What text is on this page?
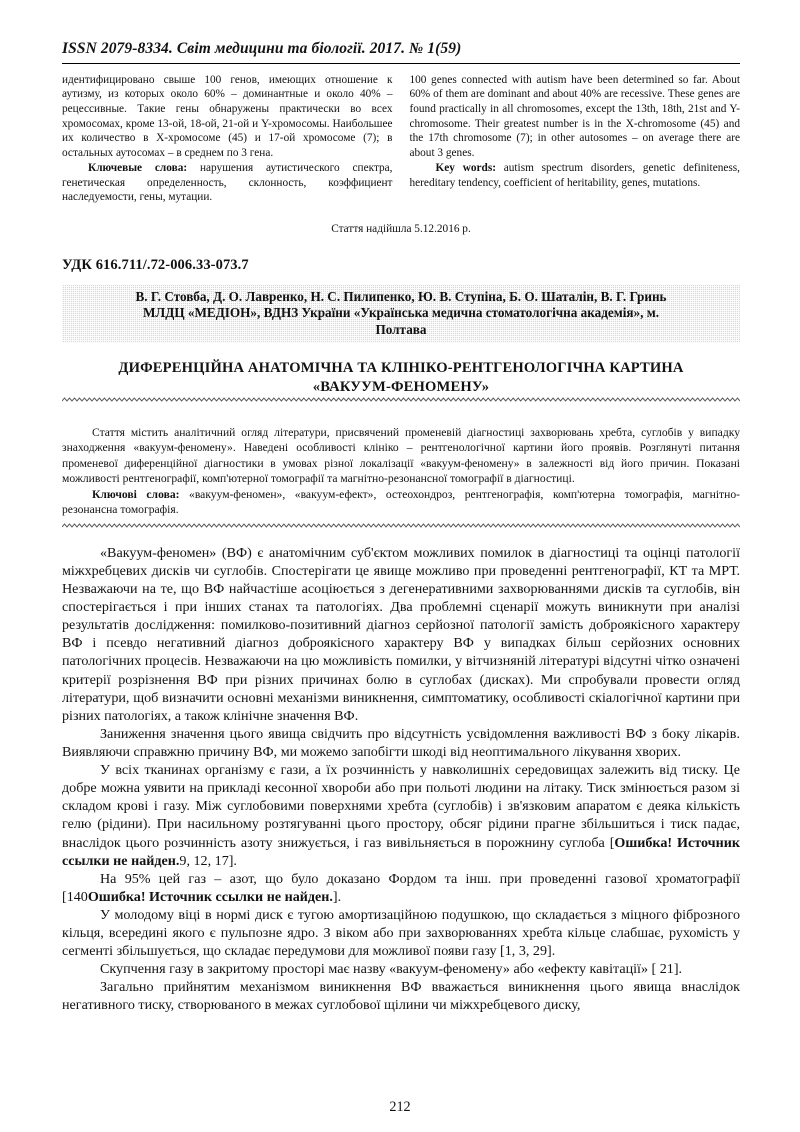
ISSN 2079-8334. Світ медицини та біології. 2017. № 1(59)

идентифицировано свыше 100 генов, имеющих отношение к аутизму, из которых около 60% – доминантные и около 40% – рецессивные. Такие гены обнаружены практически во всех хромосомах, кроме 13-ой, 18-ой, 21-ой и Y-хромосомы. Наибольшее их количество в X-хромосоме (45) и 17-ой хромосоме (7); в остальных аутосомах – в среднем по 3 гена.

Ключевые слова: нарушения аутистического спектра, генетическая определенность, склонность, коэффициент наследуемости, гены, мутации.

100 genes connected with autism have been determined so far. About 60% of them are dominant and about 40% are recessive. These genes are found practically in all chromosomes, except the 13th, 18th, 21st and Y-chromosome. Their greatest number is in the X-chromosome (45) and the 17th chromosome (7); in other autosomes – on average there are about 3 genes.

Key words: autism spectrum disorders, genetic definiteness, hereditary tendency, coefficient of heritability, genes, mutations.

Стаття надійшла 5.12.2016 р.
УДК 616.711/.72-006.33-073.7
В. Г. Стовба, Д. О. Лавренко, Н. С. Пилипенко, Ю. В. Ступіна, Б. О. Шаталін, В. Г. Гринь
МЛДЦ «МЕДІОН», ВДНЗ України «Українська медична стоматологічна академія», м.
Полтава
ДИФЕРЕНЦІЙНА АНАТОМІЧНА ТА КЛІНІКО-РЕНТГЕНОЛОГІЧНА КАРТИНА
«ВАКУУМ-ФЕНОМЕНУ»

Стаття містить аналітичний огляд літератури, присвячений променевій діагностиці захворювань хребта, суглобів у випадку знаходження «вакуум-феномену». Наведені особливості клініко – рентгенологічної картини його проявів. Розглянуті питання променевої диференційної діагностики в умовах різної локалізації «вакуум-феномену» в залежності від його причин. Показані можливості рентгенографії, комп'ютерної томографії та магнітно-резонансної томографії в діагностиці.

Ключові слова: «вакуум-феномен», «вакуум-ефект», остеохондроз, рентгенографія, комп'ютерна томографія, магнітно-резонансна томографія.

«Вакуум-феномен» (ВФ) є анатомічним суб'єктом можливих помилок в діагностиці та оцінці патології міжхребцевих дисків чи суглобів. Спостерігати це явище можливо при проведенні рентгенографії, КТ та МРТ. Незважаючи на те, що ВФ найчастіше асоціюється з дегенеративними захворюваннями дисків та суглобів, він спостерігається і при інших станах та патологіях. Два проблемні сценарії можуть виникнути при аналізі результатів дослідження: помилково-позитивний діагноз серйозної патології замість доброякісного характеру ВФ і псевдо негативний діагноз доброякісного характеру ВФ у випадках більш серйозних основних патологічних процесів. Незважаючи на цю можливість помилки, у вітчизняній літературі відсутні чітко означені критерії розрізнення ВФ при різних причинах болю в суглобах (дисках). Ми спробували провести огляд літератури, щоб визначити основні механізми виникнення, симптоматику, особливості скіалогічної картини при різних патологіях, а також клінічне значення ВФ.

Заниження значення цього явища свідчить про відсутність усвідомлення важливості ВФ з боку лікарів. Виявляючи справжню причину ВФ, ми можемо запобігти шкоді від неоптимального лікування хворих.

У всіх тканинах організму є гази, а їх розчинність у навколишніх середовищах залежить від тиску. Це добре можна уявити на прикладі кесонної хвороби або при польоті людини на літаку. Тиск змінюється разом зі складом крові і газу. Між суглобовими поверхнями хребта (суглобів) і зв'язковим апаратом є деяка кількість гелю (рідини). При насильному розтягуванні цього простору, обсяг рідини прагне збільшиться і тиск падає, внаслідок цього розчинність азоту знижується, і газ вивільняється в порожнину суглоба [Ошибка! Источник ссылки не найден.9, 12, 17].

На 95% цей газ – азот, що було доказано Фордом та інш. при проведенні газової хроматографії [140Ошибка! Источник ссылки не найден.].

У молодому віці в нормі диск є тугою амортизаційною подушкою, що складається з міцного фіброзного кільця, всередині якого є пульпозне ядро. З віком або при захворюваннях хребта кільце слабшає, рухомість у сегменті збільшується, що складає передумови для можливої появи газу [1, 3, 29].

Скупчення газу в закритому просторі має назву «вакуум-феномену» або «ефекту кавітації» [ 21].

Загально прийнятим механізмом виникнення ВФ вважається виникнення цього явища внаслідок негативного тиску, створюваного в межах суглобової щілини чи міжхребцевого диску,

212
